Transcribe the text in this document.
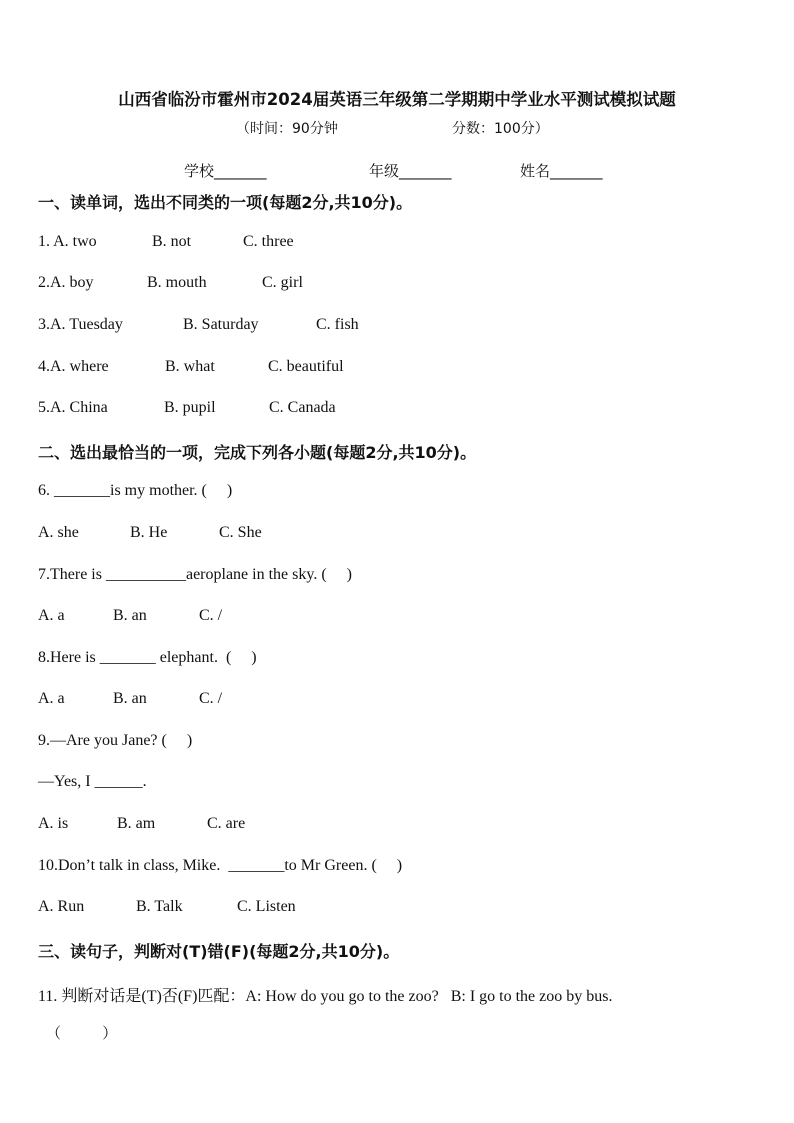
山西省临汾市霍州市2024届英语三年级第二学期期中学业水平测试模拟试题
（时间：90分钟	分数：100分）
学校_______	年级_______	姓名_______
一、读单词，选出不同类的一项(每题2分,共10分)。
1. A. two	B. not	C. three
2.A. boy	B. mouth	C. girl
3.A. Tuesday	B. Saturday	C. fish
4.A. where	B. what	C. beautiful
5.A. China	B. pupil	C. Canada
二、选出最恰当的一项，完成下列各小题(每题2分,共10分)。
6. _______is my mother. (     )
A. she	B. He	C. She
7.There is __________aeroplane in the sky. (     )
A. a	B. an	C. /
8.Here is _______ elephant.  (     )
A. a	B. an	C. /
9.—Are you Jane? (     )
—Yes, I ______.
A. is	B. am	C. are
10.Don’t talk in class, Mike.  _______to Mr Green. (     )
A. Run	B. Talk	C. Listen
三、读句子，判断对(T)错(F)(每题2分,共10分)。
11. 判断对话是(T)否(F)匹配：A: How do you go to the zoo?   B: I go to the zoo by bus.
（           ）
